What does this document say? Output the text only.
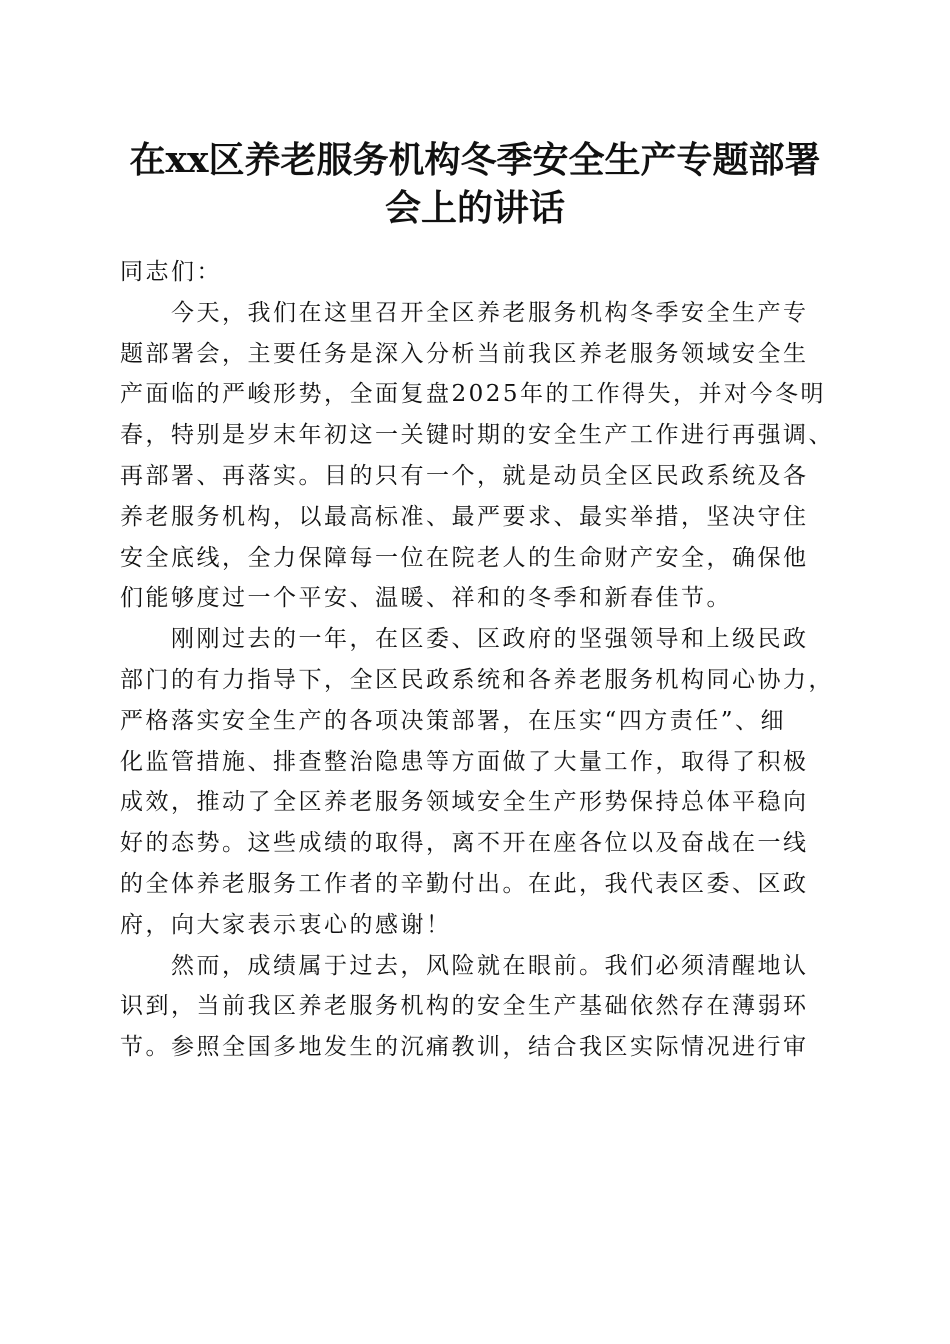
在xx区养老服务机构冬季安全生产专题部署
会上的讲话

同志们：

今天，我们在这里召开全区养老服务机构冬季安全生产专
题部署会，主要任务是深入分析当前我区养老服务领域安全生
产面临的严峻形势，全面复盘2025年的工作得失，并对今冬明
春，特别是岁末年初这一关键时期的安全生产工作进行再强调、
再部署、再落实。目的只有一个，就是动员全区民政系统及各
养老服务机构，以最高标准、最严要求、最实举措，坚决守住
安全底线，全力保障每一位在院老人的生命财产安全，确保他
们能够度过一个平安、温暖、祥和的冬季和新春佳节。

刚刚过去的一年，在区委、区政府的坚强领导和上级民政
部门的有力指导下，全区民政系统和各养老服务机构同心协力，
严格落实安全生产的各项决策部署，在压实“四方责任”、细
化监管措施、排查整治隐患等方面做了大量工作，取得了积极
成效，推动了全区养老服务领域安全生产形势保持总体平稳向
好的态势。这些成绩的取得，离不开在座各位以及奋战在一线
的全体养老服务工作者的辛勤付出。在此，我代表区委、区政
府，向大家表示衷心的感谢！

然而，成绩属于过去，风险就在眼前。我们必须清醒地认
识到，当前我区养老服务机构的安全生产基础依然存在薄弱环
节。参照全国多地发生的沉痛教训，结合我区实际情况进行审
